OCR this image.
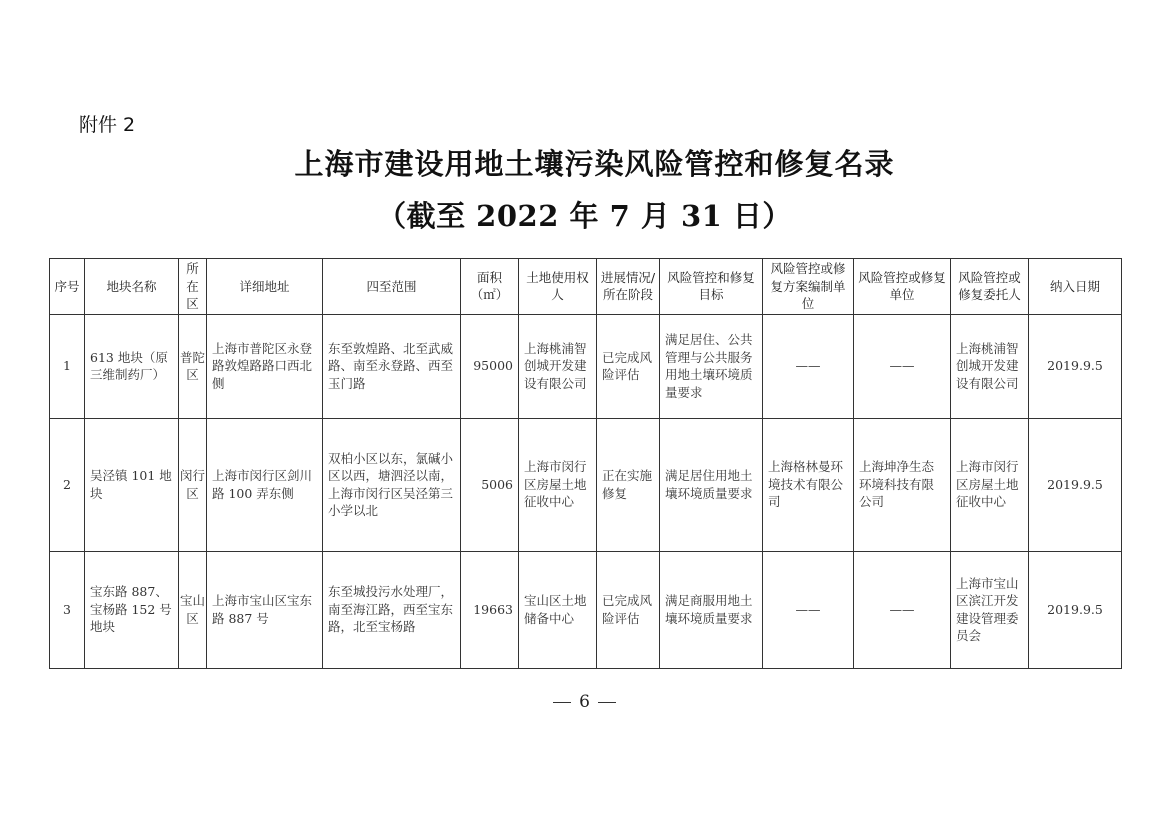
附件 2
上海市建设用地土壤污染风险管控和修复名录
（截至 2022 年 7 月 31 日）
序号	地块名称	所在区	详细地址	四至范围	面积（㎡）	土地使用权人	进展情况/所在阶段	风险管控和修复目标	风险管控或修复方案编制单位	风险管控或修复单位	风险管控或修复委托人	纳入日期
1	613 地块（原三维制药厂）	普陀区	上海市普陀区永登路敦煌路路口西北侧	东至敦煌路、北至武威路、南至永登路、西至玉门路	95000	上海桃浦智创城开发建设有限公司	已完成风险评估	满足居住、公共管理与公共服务用地土壤环境质量要求	——	——	上海桃浦智创城开发建设有限公司	2019.9.5
2	吴泾镇 101 地块	闵行区	上海市闵行区剑川路 100 弄东侧	双柏小区以东，氯碱小区以西，塘泗泾以南，上海市闵行区吴泾第三小学以北	5006	上海市闵行区房屋土地征收中心	正在实施修复	满足居住用地土壤环境质量要求	上海格林曼环境技术有限公司	上海坤净生态环境科技有限公司	上海市闵行区房屋土地征收中心	2019.9.5
3	宝东路 887、宝杨路 152 号地块	宝山区	上海市宝山区宝东路 887 号	东至城投污水处理厂，南至海江路，西至宝东路，北至宝杨路	19663	宝山区土地储备中心	已完成风险评估	满足商服用地土壤环境质量要求	——	——	上海市宝山区滨江开发建设管理委员会	2019.9.5
6
